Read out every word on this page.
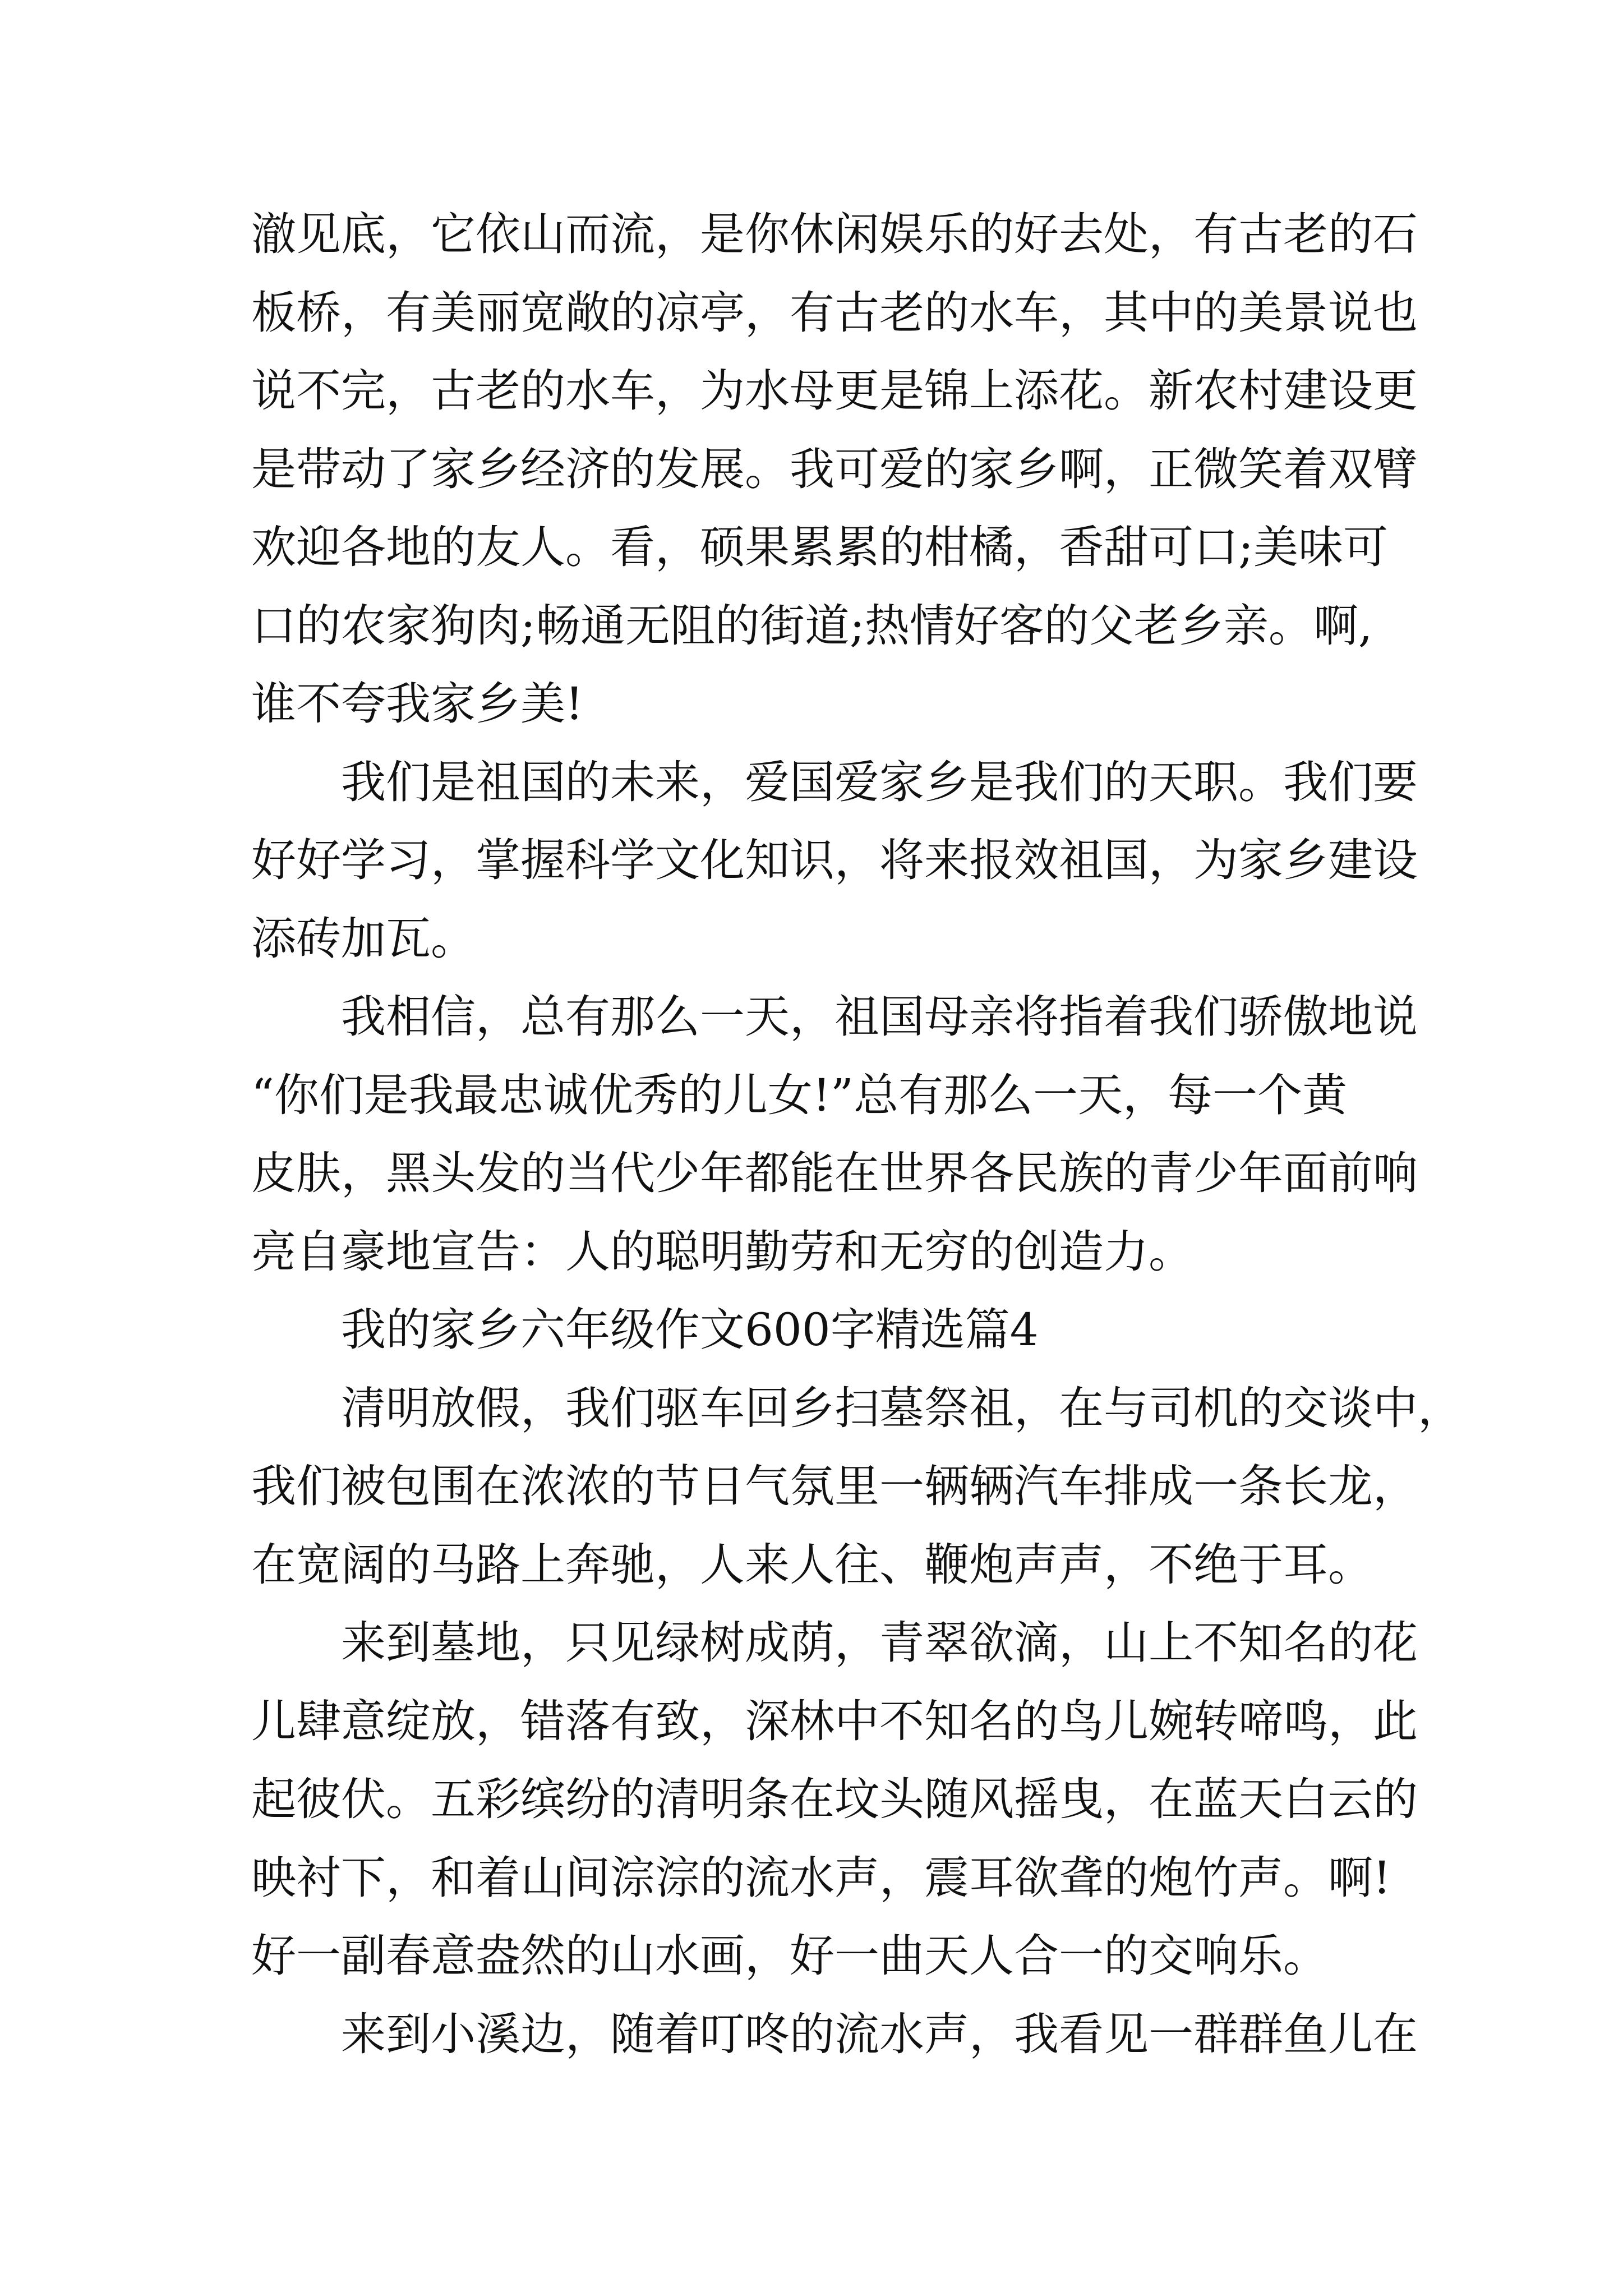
澈见底，它依山而流，是你休闲娱乐的好去处，有古老的石
板桥，有美丽宽敞的凉亭，有古老的水车，其中的美景说也
说不完，古老的水车，为水母更是锦上添花。新农村建设更
是带动了家乡经济的发展。我可爱的家乡啊，正微笑着双臂
欢迎各地的友人。看，硕果累累的柑橘，香甜可口;美味可
口的农家狗肉;畅通无阻的街道;热情好客的父老乡亲。啊,
谁不夸我家乡美!
我们是祖国的未来，爱国爱家乡是我们的天职。我们要
好好学习，掌握科学文化知识，将来报效祖国，为家乡建设
添砖加瓦。
我相信，总有那么一天，祖国母亲将指着我们骄傲地说
“你们是我最忠诚优秀的儿女!”总有那么一天，每一个黄
皮肤，黑头发的当代少年都能在世界各民族的青少年面前响
亮自豪地宣告：人的聪明勤劳和无穷的创造力。
我的家乡六年级作文600字精选篇4
清明放假，我们驱车回乡扫墓祭祖，在与司机的交谈中，
我们被包围在浓浓的节日气氛里一辆辆汽车排成一条长龙，
在宽阔的马路上奔驰，人来人往、鞭炮声声，不绝于耳。
来到墓地，只见绿树成荫，青翠欲滴，山上不知名的花
儿肆意绽放，错落有致，深林中不知名的鸟儿婉转啼鸣，此
起彼伏。五彩缤纷的清明条在坟头随风摇曳，在蓝天白云的
映衬下，和着山间淙淙的流水声，震耳欲聋的炮竹声。啊!
好一副春意盎然的山水画，好一曲天人合一的交响乐。
来到小溪边，随着叮咚的流水声，我看见一群群鱼儿在
